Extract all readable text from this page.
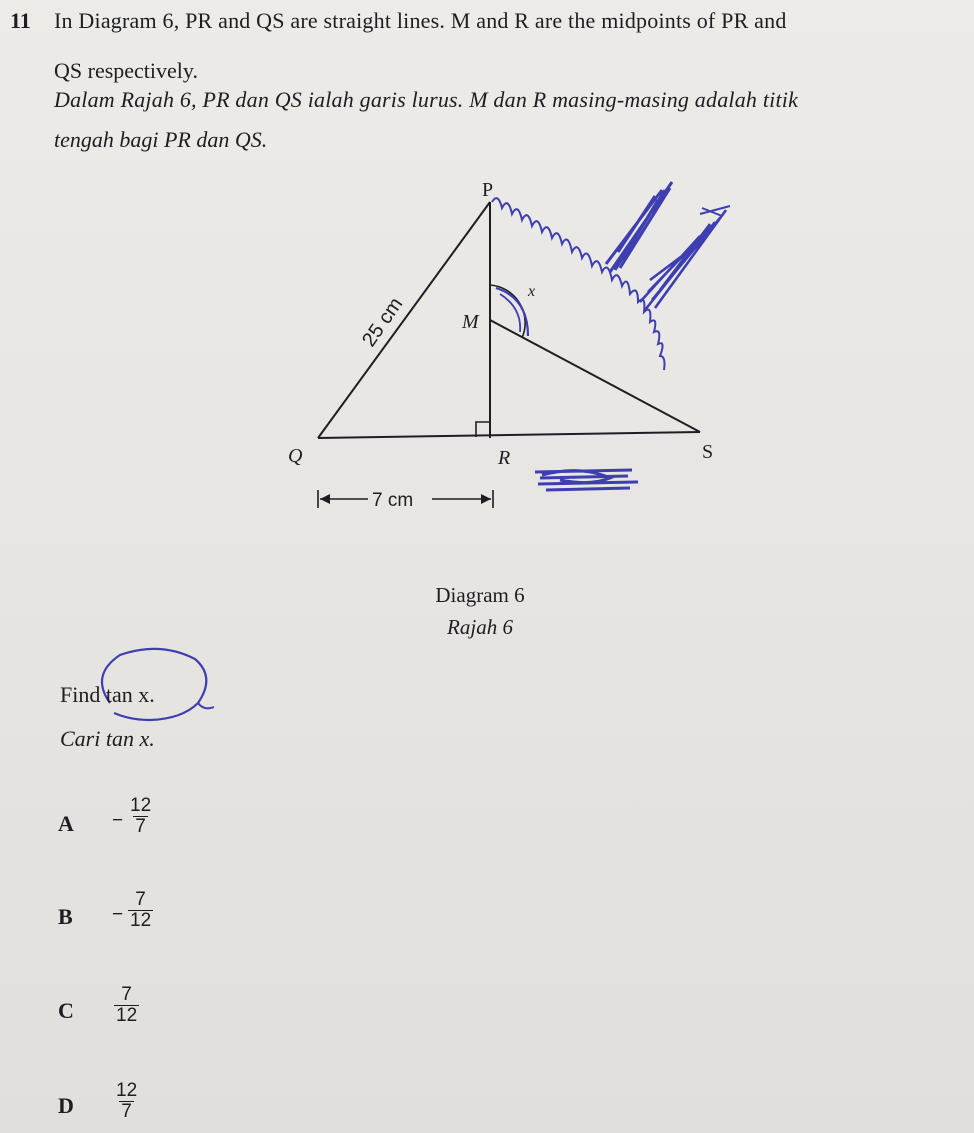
11 In Diagram 6, PR and QS are straight lines. M and R are the midpoints of PR and
QS respectively.
Dalam Rajah 6, PR dan QS ialah garis lurus. M dan R masing-masing adalah titik
tengah bagi PR dan QS.
P
M
x
Q	R	S
25 cm
7 cm
Diagram 6
Rajah 6
Find tan x.
Cari tan x.
A	− $\frac{12}{7}$
B	− $\frac{7}{12}$
C	$\frac{7}{12}$
D	$\frac{12}{7}$
